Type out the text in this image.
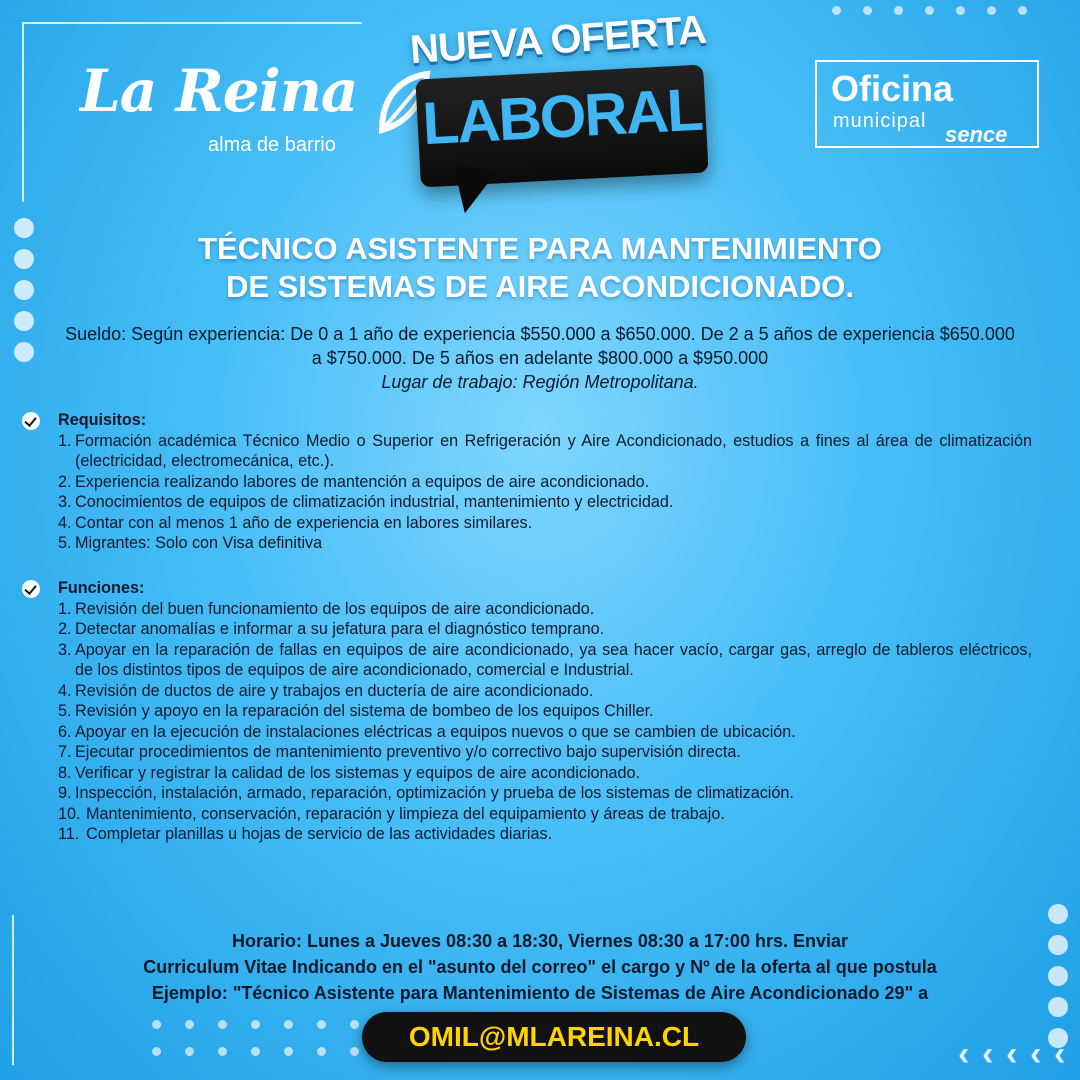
La Reina
alma de barrio
NUEVA OFERTA
LABORAL	Oficina
municipal
sence
TÉCNICO ASISTENTE PARA MANTENIMIENTO
DE SISTEMAS DE AIRE ACONDICIONADO.
Sueldo: Según experiencia: De 0 a 1 año de experiencia $550.000 a $650.000. De 2 a 5 años de experiencia $650.000 a $750.000. De 5 años en adelante $800.000 a $950.000
Lugar de trabajo: Región Metropolitana.
Requisitos:
1. Formación académica Técnico Medio o Superior en Refrigeración y Aire Acondicionado, estudios a fines al área de climatización (electricidad, electromecánica, etc.).
2. Experiencia realizando labores de mantención a equipos de aire acondicionado.
3. Conocimientos de equipos de climatización industrial, mantenimiento y electricidad.
4. Contar con al menos 1 año de experiencia en labores similares.
5. Migrantes: Solo con Visa definitiva
Funciones:
1. Revisión del buen funcionamiento de los equipos de aire acondicionado.
2. Detectar anomalías e informar a su jefatura para el diagnóstico temprano.
3. Apoyar en la reparación de fallas en equipos de aire acondicionado, ya sea hacer vacío, cargar gas, arreglo de tableros eléctricos, de los distintos tipos de equipos de aire acondicionado, comercial e Industrial.
4. Revisión de ductos de aire y trabajos en ductería de aire acondicionado.
5. Revisión y apoyo en la reparación del sistema de bombeo de los equipos Chiller.
6. Apoyar en la ejecución de instalaciones eléctricas a equipos nuevos o que se cambien de ubicación.
7. Ejecutar procedimientos de mantenimiento preventivo y/o correctivo bajo supervisión directa.
8. Verificar y registrar la calidad de los sistemas y equipos de aire acondicionado.
9. Inspección, instalación, armado, reparación, optimización y prueba de los sistemas de climatización.
10. Mantenimiento, conservación, reparación y limpieza del equipamiento y áreas de trabajo.
11. Completar planillas u hojas de servicio de las actividades diarias.
Horario: Lunes a Jueves 08:30 a 18:30, Viernes 08:30 a 17:00 hrs. Enviar
Curriculum Vitae Indicando en el "asunto del correo" el cargo y Nº de la oferta al que postula
Ejemplo: "Técnico Asistente para Mantenimiento de Sistemas de Aire Acondicionado 29" a
OMIL@MLAREINA.CL	‹ ‹ ‹ ‹ ‹
